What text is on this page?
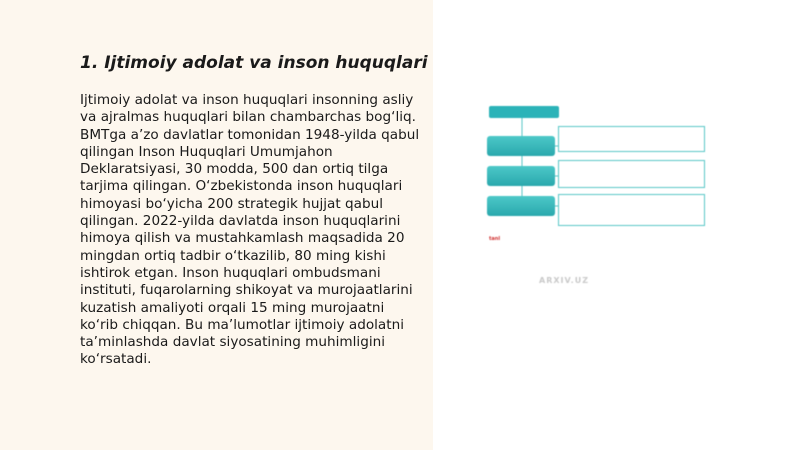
1. Ijtimoiy adolat va inson huquqlari

Ijtimoiy adolat va inson huquqlari insonning asliy va ajralmas huquqlari bilan chambarchas bog‘liq. BMTga a’zo davlatlar tomonidan 1948-yilda qabul qilingan Inson Huquqlari Umumjahon Deklaratsiyasi, 30 modda, 500 dan ortiq tilga tarjima qilingan. O‘zbekistonda inson huquqlari himoyasi bo‘yicha 200 strategik hujjat qabul qilingan. 2022-yilda davlatda inson huquqlarini himoya qilish va mustahkamlash maqsadida 20 mingdan ortiq tadbir o‘tkazilib, 80 ming kishi ishtirok etgan. Inson huquqlari ombudsmani instituti, fuqarolarning shikoyat va murojaatlarini kuzatish amaliyoti orqali 15 ming murojaatni ko‘rib chiqqan. Bu ma’lumotlar ijtimoiy adolatni ta’minlashda davlat siyosatining muhimligini ko‘rsatadi.

tanl
ARXIV.UZ
